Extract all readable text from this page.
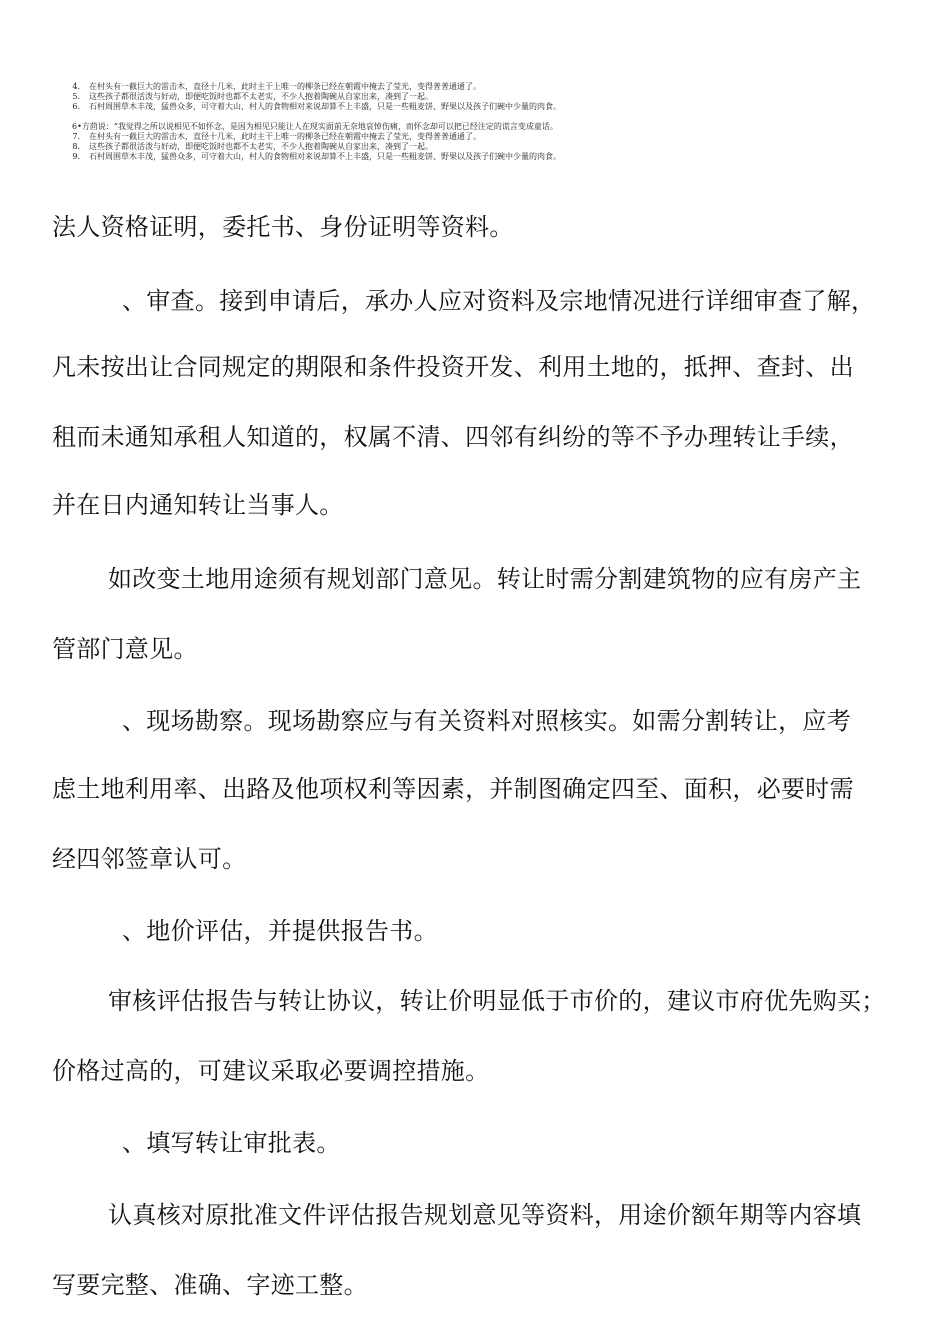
4. 在村头有一截巨大的雷击木，直径十几米，此时主干上唯一的柳条已经在朝霞中掩去了莹光，变得普普通通了。
5. 这些孩子都很活泼与好动，即便吃饭时也都不太老实，不少人抱着陶碗从自家出来，凑到了一起。
6. 石村周围草木丰茂，猛兽众多，可守着大山，村人的食物相对来说却算不上丰盛，只是一些粗麦饼、野果以及孩子们碗中少量的肉食。
6•方茴说：“我觉得之所以说相见不如怀念，是因为相见只能让人在现实面前无奈地哀悼伤痛，而怀念却可以把已经注定的谎言变成童话。
7. 在村头有一截巨大的雷击木，直径十几米，此时主干上唯一的柳条已经在朝霞中掩去了莹光，变得普普通通了。
8. 这些孩子都很活泼与好动，即便吃饭时也都不太老实，不少人抱着陶碗从自家出来，凑到了一起。
9. 石村周围草木丰茂，猛兽众多，可守着大山，村人的食物相对来说却算不上丰盛，只是一些粗麦饼、野果以及孩子们碗中少量的肉食。
法人资格证明，委托书、身份证明等资料。
、审查。接到申请后，承办人应对资料及宗地情况进行详细审查了解，
凡未按出让合同规定的期限和条件投资开发、利用土地的，抵押、查封、出
租而未通知承租人知道的，权属不清、四邻有纠纷的等不予办理转让手续，
并在日内通知转让当事人。
如改变土地用途须有规划部门意见。转让时需分割建筑物的应有房产主
管部门意见。
、现场勘察。现场勘察应与有关资料对照核实。如需分割转让，应考
虑土地利用率、出路及他项权利等因素，并制图确定四至、面积，必要时需
经四邻签章认可。
、地价评估，并提供报告书。
审核评估报告与转让协议，转让价明显低于市价的，建议市府优先购买；
价格过高的，可建议采取必要调控措施。
、填写转让审批表。
认真核对原批准文件评估报告规划意见等资料，用途价额年期等内容填
写要完整、准确、字迹工整。
